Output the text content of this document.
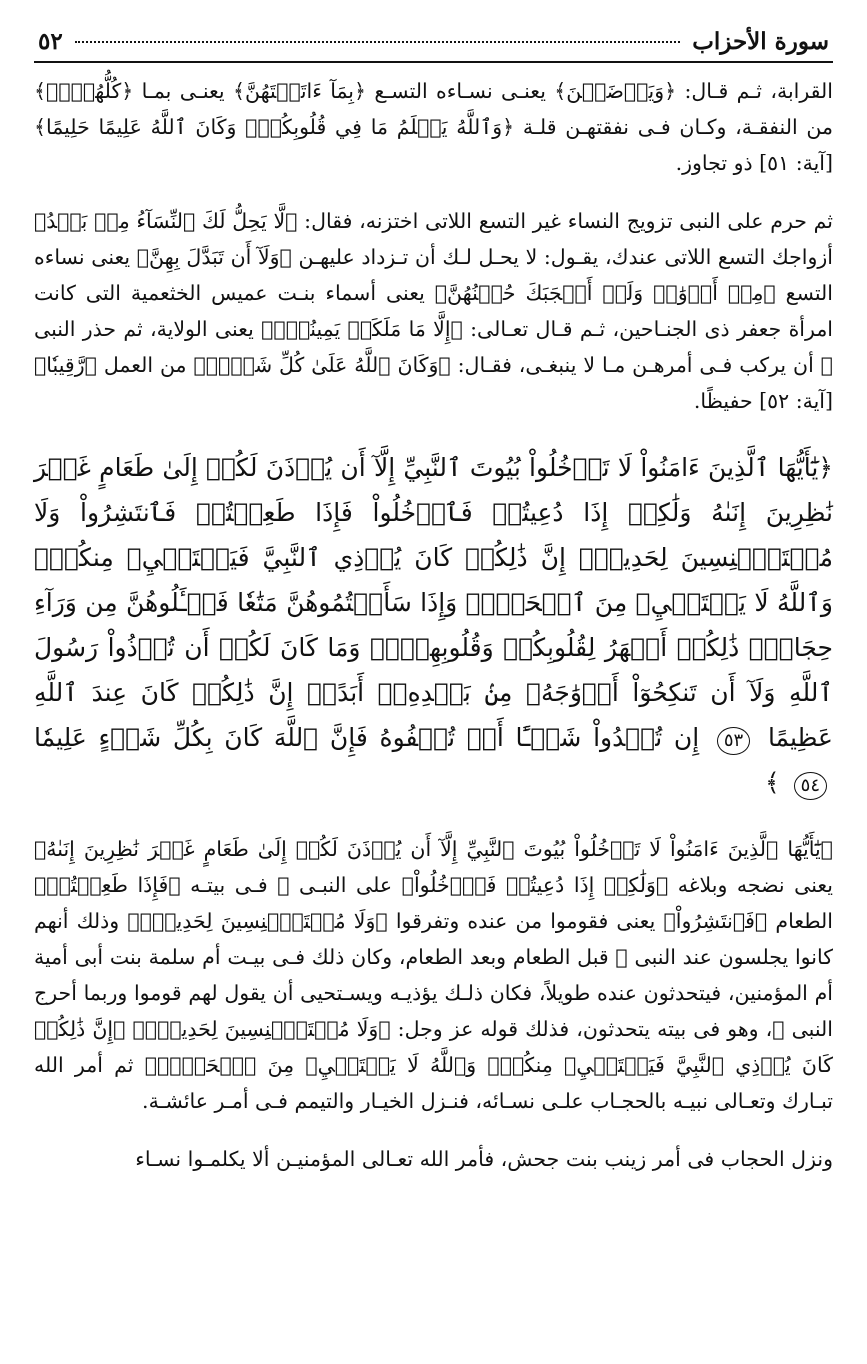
سورة الأحزاب
٥٢

القرابة، ثـم قـال: ﴿وَيَرۡضَيۡنَ﴾ يعنـى نسـاءه التسـع ﴿بِمَآ ءَاتَيۡتَهُنَّ﴾ يعنـى بمـا ﴿كُلُّهُنَّۚ﴾ من النفقـة، وكـان فـى نفقتهـن قلـة ﴿وَٱللَّهُ يَعۡلَمُ مَا فِي قُلُوبِكُمۡۚ وَكَانَ ٱللَّهُ عَلِيمًا حَلِيمًا﴾ [آية: ٥١] ذو تجاوز.

ثم حرم على النبى تزويج النساء غير التسع اللاتى اختزنه، فقال: ﴿لَّا يَحِلُّ لَكَ ٱلنِّسَآءُ مِنۢ بَعۡدُ﴾ أزواجك التسع اللاتى عندك، يقـول: لا يحـل لـك أن تـزداد عليهـن ﴿وَلَآ أَن تَبَدَّلَ بِهِنَّ﴾ يعنى نساءه التسع ﴿مِنۡ أَزۡوَٰجٖ وَلَوۡ أَعۡجَبَكَ حُسۡنُهُنَّ﴾ يعنى أسماء بنـت عميس الخثعمية التى كانت امرأة جعفر ذى الجنـاحين، ثـم قـال تعـالى: ﴿إِلَّا مَا مَلَكَتۡ يَمِينُكَۗ﴾ يعنى الولاية، ثم حذر النبى ﷺ أن يركب فـى أمرهـن مـا لا ينبغـى، فقـال: ﴿وَكَانَ ٱللَّهُ عَلَىٰ كُلِّ شَيۡءٖ﴾ من العمل ﴿رَّقِيبٗا﴾ [آية: ٥٢] حفيظًا.

﴿يَٰٓأَيُّهَا ٱلَّذِينَ ءَامَنُواْ لَا تَدۡخُلُواْ بُيُوتَ ٱلنَّبِيِّ إِلَّآ أَن يُؤۡذَنَ لَكُمۡ إِلَىٰ طَعَامٍ غَيۡرَ نَٰظِرِينَ إِنَىٰهُ وَلَٰكِنۡ إِذَا دُعِيتُمۡ فَٱدۡخُلُواْ فَإِذَا طَعِمۡتُمۡ فَٱنتَشِرُواْ وَلَا مُسۡتَـٔۡنِسِينَ لِحَدِيثٍۚ إِنَّ ذَٰلِكُمۡ كَانَ يُؤۡذِي ٱلنَّبِيَّ فَيَسۡتَحۡيِۦ مِنكُمۡۖ وَٱللَّهُ لَا يَسۡتَحۡيِۦ مِنَ ٱلۡحَقِّۚ وَإِذَا سَأَلۡتُمُوهُنَّ مَتَٰعٗا فَسۡـَٔلُوهُنَّ مِن وَرَآءِ حِجَابٖۚ ذَٰلِكُمۡ أَطۡهَرُ لِقُلُوبِكُمۡ وَقُلُوبِهِنَّۚ وَمَا كَانَ لَكُمۡ أَن تُؤۡذُواْ رَسُولَ ٱللَّهِ وَلَآ أَن تَنكِحُوٓاْ أَزۡوَٰجَهُۥ مِنۢ بَعۡدِهِۦٓ أَبَدًاۚ إِنَّ ذَٰلِكُمۡ كَانَ عِندَ ٱللَّهِ عَظِيمًا ٥٣ إِن تُبۡدُواْ شَيۡـًٔا أَوۡ تُخۡفُوهُ فَإِنَّ ٱللَّهَ كَانَ بِكُلِّ شَيۡءٍ عَلِيمٗا ٥٤ ﴾

﴿يَٰٓأَيُّهَا ٱلَّذِينَ ءَامَنُواْ لَا تَدۡخُلُواْ بُيُوتَ ٱلنَّبِيِّ إِلَّآ أَن يُؤۡذَنَ لَكُمۡ إِلَىٰ طَعَامٍ غَيۡرَ نَٰظِرِينَ إِنَىٰهُ﴾ يعنى نضجه وبلاغه ﴿وَلَٰكِنۡ إِذَا دُعِيتُمۡ فَٱدۡخُلُواْ﴾ على النبـى ﷺ فـى بيتـه ﴿فَإِذَا طَعِمۡتُمۡ﴾ الطعام ﴿فَٱنتَشِرُواْ﴾ يعنى فقوموا من عنده وتفرقوا ﴿وَلَا مُسۡتَـٔۡنِسِينَ لِحَدِيثٍۚ﴾ وذلك أنهم كانوا يجلسون عند النبى ﷺ قبل الطعام وبعد الطعام، وكان ذلك فـى بيـت أم سلمة بنت أبى أمية أم المؤمنين، فيتحدثون عنده طويلاً، فكان ذلـك يؤذيـه ويسـتحيى أن يقول لهم قوموا وربما أحرج النبى ﷺ، وهو فى بيته يتحدثون، فذلك قوله عز وجل: ﴿وَلَا مُسۡتَـٔۡنِسِينَ لِحَدِيثٍۚ﴾ ﴿إِنَّ ذَٰلِكُمۡ كَانَ يُؤۡذِي ٱلنَّبِيَّ فَيَسۡتَحۡيِۦ مِنكُمۡۖ وَٱللَّهُ لَا يَسۡتَحۡيِۦ مِنَ ٱلۡحَقِّۚ﴾ ثم أمر الله تبـارك وتعـالى نبيـه بالحجـاب علـى نسـائه، فنـزل الخيـار والتيمم فـى أمـر عائشـة.

ونزل الحجاب فى أمر زينب بنت جحش، فأمر الله تعـالى المؤمنيـن ألا يكلمـوا نسـاء
